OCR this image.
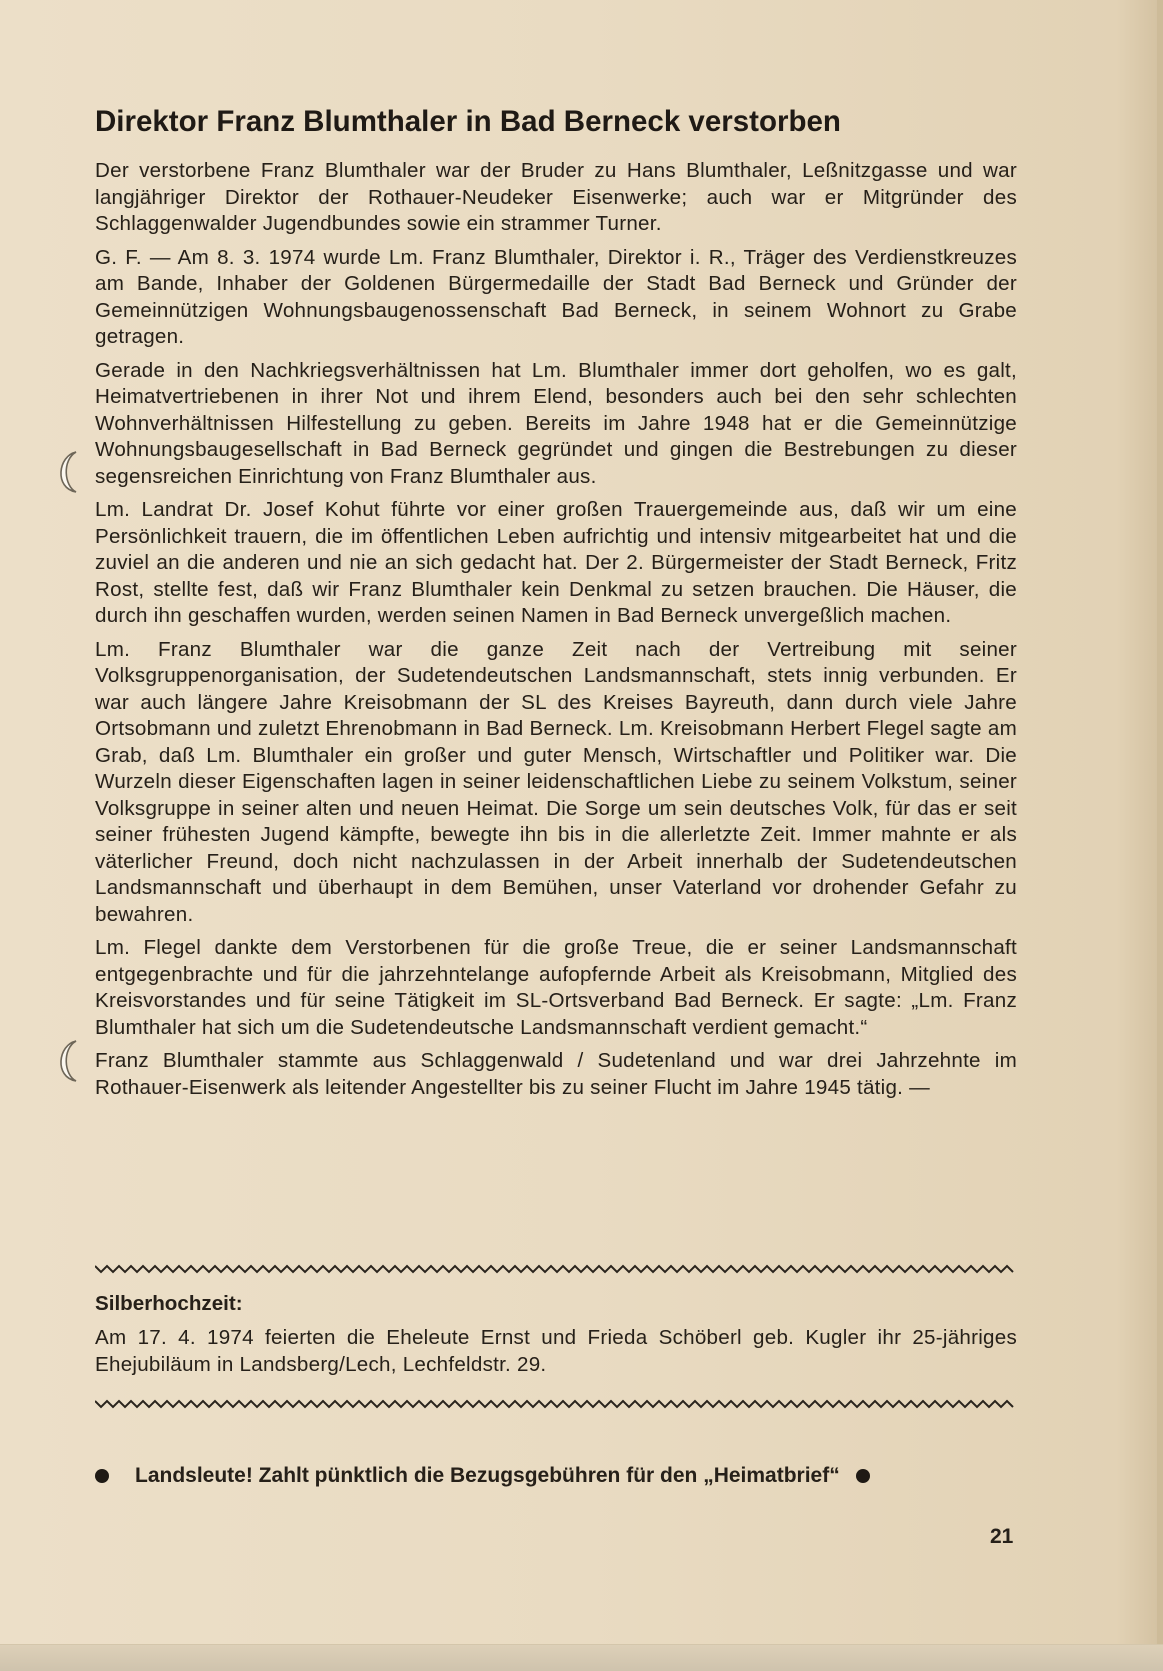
Direktor Franz Blumthaler in Bad Berneck verstorben

Der verstorbene Franz Blumthaler war der Bruder zu Hans Blumthaler, Leßnitzgasse und war langjähriger Direktor der Rothauer-Neudeker Eisenwerke; auch war er Mitgründer des Schlaggenwalder Jugendbundes sowie ein strammer Turner.

G. F. — Am 8. 3. 1974 wurde Lm. Franz Blumthaler, Direktor i. R., Träger des Verdienstkreuzes am Bande, Inhaber der Goldenen Bürgermedaille der Stadt Bad Berneck und Gründer der Gemeinnützigen Wohnungsbaugenossenschaft Bad Berneck, in seinem Wohnort zu Grabe getragen.

Gerade in den Nachkriegsverhältnissen hat Lm. Blumthaler immer dort geholfen, wo es galt, Heimatvertriebenen in ihrer Not und ihrem Elend, besonders auch bei den sehr schlechten Wohnverhältnissen Hilfestellung zu geben. Bereits im Jahre 1948 hat er die Gemeinnützige Wohnungsbaugesellschaft in Bad Berneck gegründet und gingen die Bestrebungen zu dieser segensreichen Einrichtung von Franz Blumthaler aus.

Lm. Landrat Dr. Josef Kohut führte vor einer großen Trauergemeinde aus, daß wir um eine Persönlichkeit trauern, die im öffentlichen Leben aufrichtig und intensiv mitgearbeitet hat und die zuviel an die anderen und nie an sich gedacht hat. Der 2. Bürgermeister der Stadt Berneck, Fritz Rost, stellte fest, daß wir Franz Blumthaler kein Denkmal zu setzen brauchen. Die Häuser, die durch ihn geschaffen wurden, werden seinen Namen in Bad Berneck unvergeßlich machen.

Lm. Franz Blumthaler war die ganze Zeit nach der Vertreibung mit seiner Volksgruppenorganisation, der Sudetendeutschen Landsmannschaft, stets innig verbunden. Er war auch längere Jahre Kreisobmann der SL des Kreises Bayreuth, dann durch viele Jahre Ortsobmann und zuletzt Ehrenobmann in Bad Berneck. Lm. Kreisobmann Herbert Flegel sagte am Grab, daß Lm. Blumthaler ein großer und guter Mensch, Wirtschaftler und Politiker war. Die Wurzeln dieser Eigenschaften lagen in seiner leidenschaftlichen Liebe zu seinem Volkstum, seiner Volksgruppe in seiner alten und neuen Heimat. Die Sorge um sein deutsches Volk, für das er seit seiner frühesten Jugend kämpfte, bewegte ihn bis in die allerletzte Zeit. Immer mahnte er als väterlicher Freund, doch nicht nachzulassen in der Arbeit innerhalb der Sudetendeutschen Landsmannschaft und überhaupt in dem Bemühen, unser Vaterland vor drohender Gefahr zu bewahren.

Lm. Flegel dankte dem Verstorbenen für die große Treue, die er seiner Landsmannschaft entgegenbrachte und für die jahrzehntelange aufopfernde Arbeit als Kreisobmann, Mitglied des Kreisvorstandes und für seine Tätigkeit im SL-Ortsverband Bad Berneck. Er sagte: „Lm. Franz Blumthaler hat sich um die Sudetendeutsche Landsmannschaft verdient gemacht.“

Franz Blumthaler stammte aus Schlaggenwald / Sudetenland und war drei Jahrzehnte im Rothauer-Eisenwerk als leitender Angestellter bis zu seiner Flucht im Jahre 1945 tätig. —

Silberhochzeit:

Am 17. 4. 1974 feierten die Eheleute Ernst und Frieda Schöberl geb. Kugler ihr 25-jähriges Ehejubiläum in Landsberg/Lech, Lechfeldstr. 29.

Landsleute! Zahlt pünktlich die Bezugsgebühren für den „Heimatbrief“
21
